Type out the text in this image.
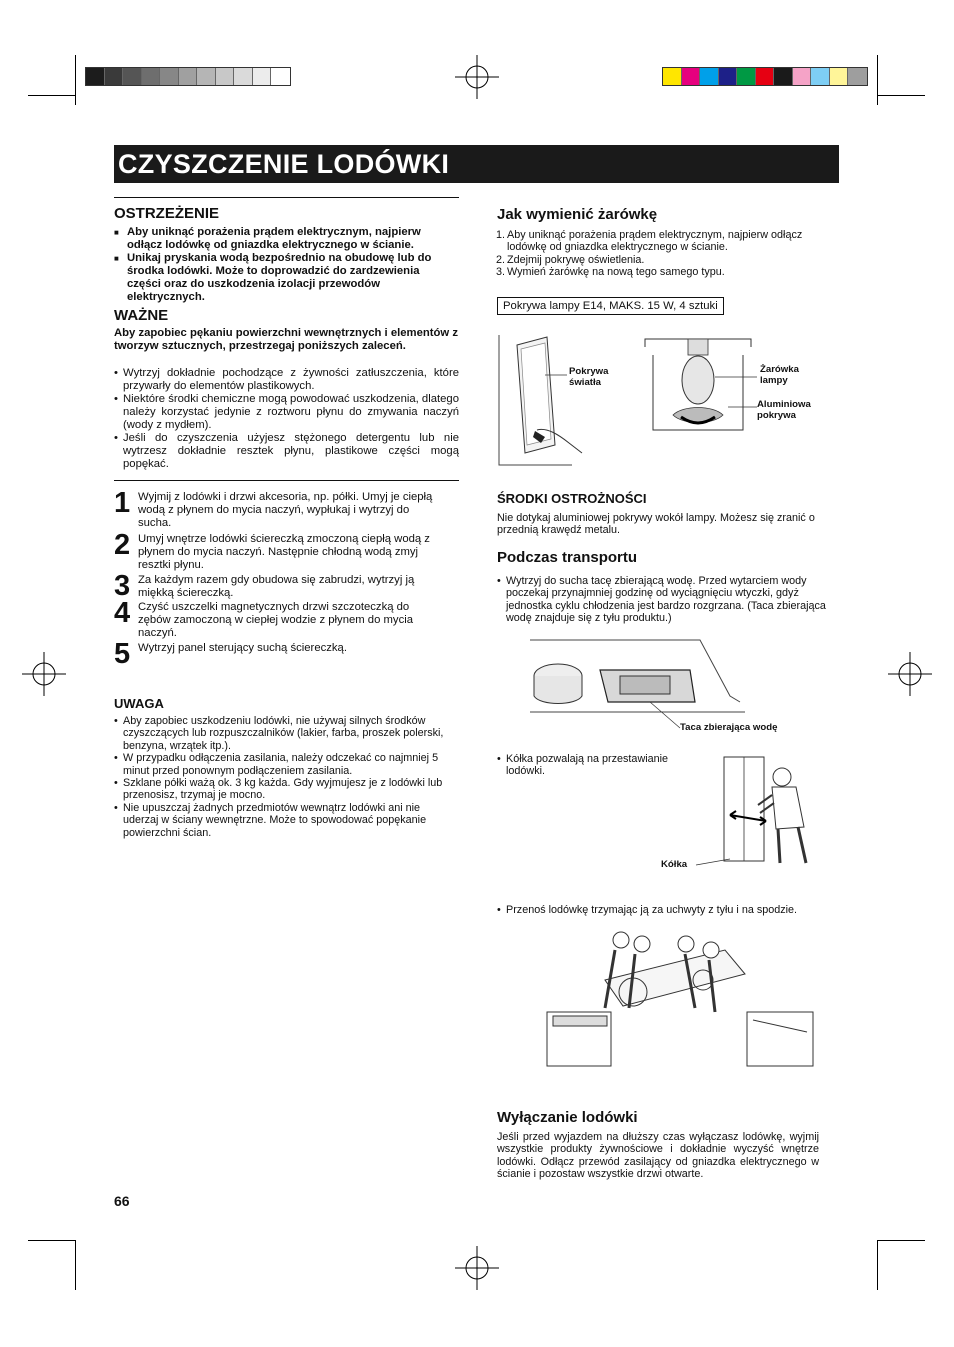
CZYSZCZENIE LODÓWKI
OSTRZEŻENIE
■ Aby uniknąć porażenia prądem elektrycznym, najpierw odłącz lodówkę od gniazdka elektrycznego w ścianie.
■ Unikaj pryskania wodą bezpośrednio na obudowę lub do środka lodówki. Może to doprowadzić do zardzewienia części oraz do uszkodzenia izolacji przewodów elektrycznych.
WAŻNE
Aby zapobiec pękaniu powierzchni wewnętrznych i elementów z tworzyw sztucznych, przestrzegaj poniższych zaleceń.
• Wytrzyj dokładnie pochodzące z żywności zatłuszczenia, które przywarły do elementów plastikowych.
• Niektóre środki chemiczne mogą powodować uszkodzenia, dlatego należy korzystać jedynie z roztworu płynu do zmywania naczyń (wody z mydłem).
• Jeśli do czyszczenia użyjesz stężonego detergentu lub nie wytrzesz dokładnie resztek płynu, plastikowe części mogą popękać.
1 Wyjmij z lodówki i drzwi akcesoria, np. półki. Umyj je ciepłą wodą z płynem do mycia naczyń, wypłukaj i wytrzyj do sucha.
2 Umyj wnętrze lodówki ściereczką zmoczoną ciepłą wodą z płynem do mycia naczyń. Następnie chłodną wodą zmyj resztki płynu.
3 Za każdym razem gdy obudowa się zabrudzi, wytrzyj ją miękką ściereczką.
4 Czyść uszczelki magnetycznych drzwi szczoteczką do zębów zamoczoną w ciepłej wodzie z płynem do mycia naczyń.
5 Wytrzyj panel sterujący suchą ściereczką.
UWAGA
• Aby zapobiec uszkodzeniu lodówki, nie używaj silnych środków czyszczących lub rozpuszczalników (lakier, farba, proszek polerski, benzyna, wrzątek itp.).
• W przypadku odłączenia zasilania, należy odczekać co najmniej 5 minut przed ponownym podłączeniem zasilania.
• Szklane półki ważą ok. 3 kg każda. Gdy wyjmujesz je z lodówki lub przenosisz, trzymaj je mocno.
• Nie upuszczaj żadnych przedmiotów wewnątrz lodówki ani nie uderzaj w ściany wewnętrzne. Może to spowodować popękanie powierzchni ścian.
66
Jak wymienić żarówkę
1. Aby uniknąć porażenia prądem elektrycznym, najpierw odłącz lodówkę od gniazdka elektrycznego w ścianie.
2. Zdejmij pokrywę oświetlenia.
3. Wymień żarówkę na nową tego samego typu.
Pokrywa lampy E14, MAKS. 15 W, 4 sztuki
Pokrywa
światła
Żarówka
lampy
Aluminiowa
pokrywa
ŚRODKI OSTROŻNOŚCI
Nie dotykaj aluminiowej pokrywy wokół lampy. Możesz się zranić o przednią krawędź metalu.
Podczas transportu
• Wytrzyj do sucha tacę zbierającą wodę. Przed wytarciem wody poczekaj przynajmniej godzinę od wyciągnięciu wtyczki, gdyż jednostka cyklu chłodzenia jest bardzo rozgrzana. (Taca zbierająca wodę znajduje się z tyłu produktu.)
Taca zbierająca wodę
• Kółka pozwalają na przestawianie lodówki.
Kółka
• Przenoś lodówkę trzymając ją za uchwyty z tyłu i na spodzie.
Wyłączanie lodówki
Jeśli przed wyjazdem na dłuższy czas wyłączasz lodówkę, wyjmij wszystkie produkty żywnościowe i dokładnie wyczyść wnętrze lodówki. Odłącz przewód zasilający od gniazdka elektrycznego w ścianie i pozostaw wszystkie drzwi otwarte.
